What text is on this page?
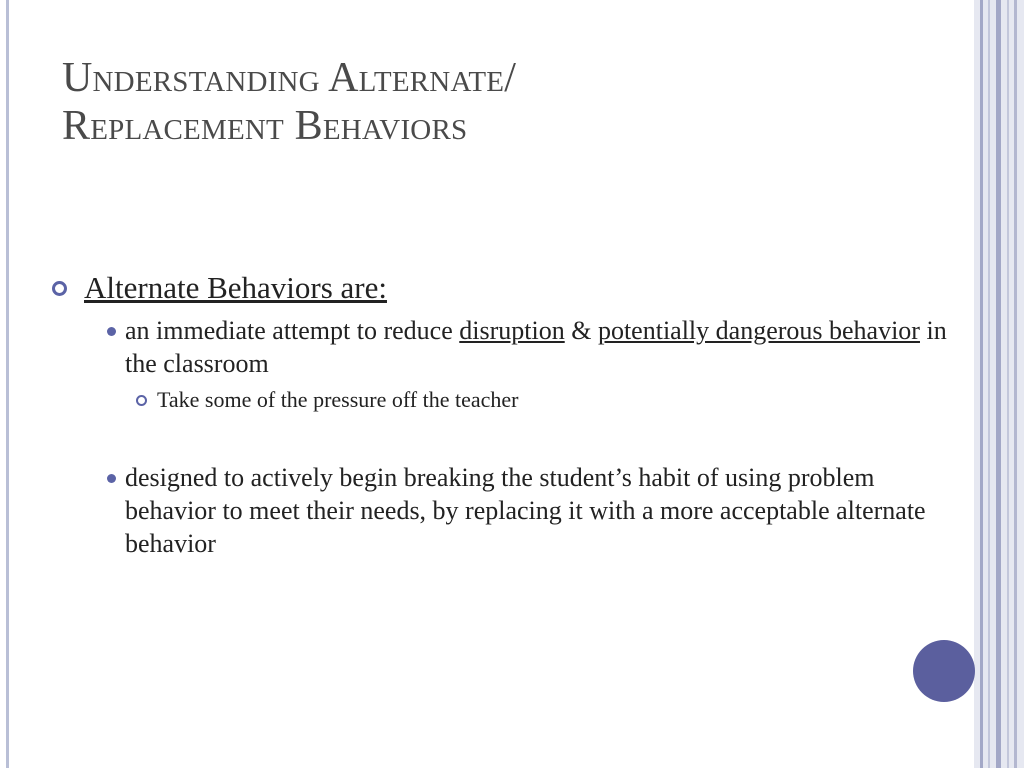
Understanding Alternate/
Replacement Behaviors
Alternate Behaviors are:
an immediate attempt to reduce disruption & potentially dangerous behavior in the classroom
Take some of the pressure off the teacher
designed to actively begin breaking the student’s habit of using problem behavior to meet their needs, by replacing it with a more acceptable alternate behavior
